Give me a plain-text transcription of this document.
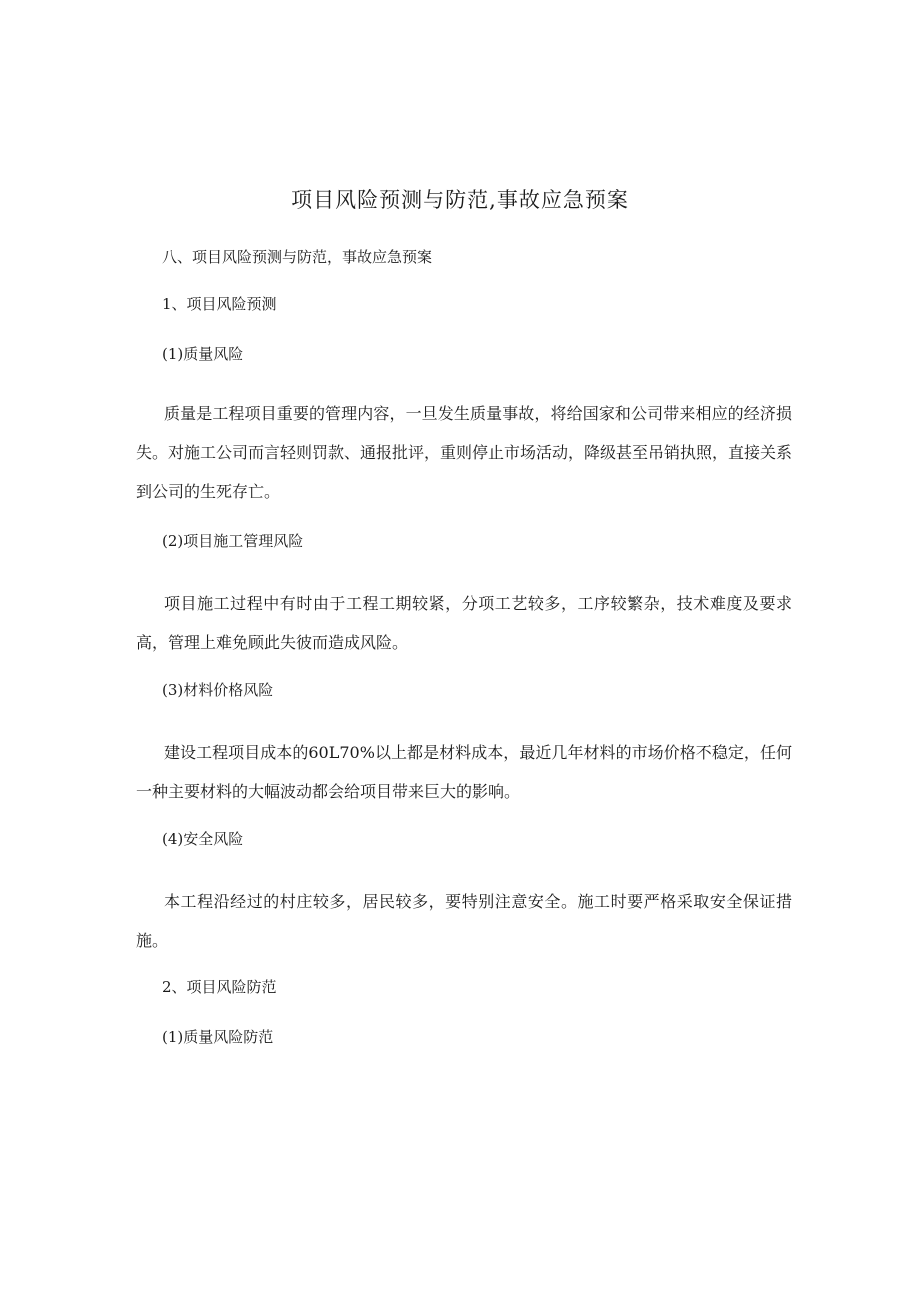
项目风险预测与防范,事故应急预案
八、项目风险预测与防范，事故应急预案
1、项目风险预测
(1)质量风险
质量是工程项目重要的管理内容，一旦发生质量事故，将给国家和公司带来相应的经济损失。对施工公司而言轻则罚款、通报批评，重则停止市场活动，降级甚至吊销执照，直接关系到公司的生死存亡。
(2)项目施工管理风险
项目施工过程中有时由于工程工期较紧，分项工艺较多，工序较繁杂，技术难度及要求高，管理上难免顾此失彼而造成风险。
(3)材料价格风险
建设工程项目成本的60L70%以上都是材料成本，最近几年材料的市场价格不稳定，任何一种主要材料的大幅波动都会给项目带来巨大的影响。
(4)安全风险
本工程沿经过的村庄较多，居民较多，要特别注意安全。施工时要严格采取安全保证措施。
2、项目风险防范
(1)质量风险防范
